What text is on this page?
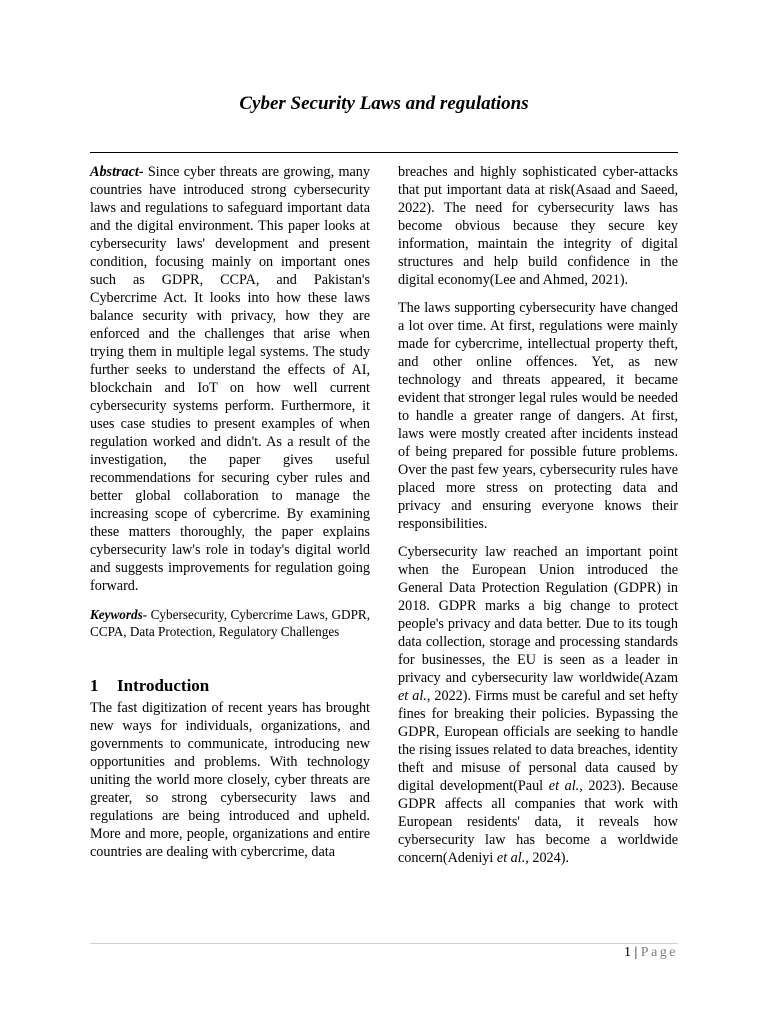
Cyber Security Laws and regulations

Abstract- Since cyber threats are growing, many countries have introduced strong cybersecurity laws and regulations to safeguard important data and the digital environment. This paper looks at cybersecurity laws' development and present condition, focusing mainly on important ones such as GDPR, CCPA, and Pakistan's Cybercrime Act. It looks into how these laws balance security with privacy, how they are enforced and the challenges that arise when trying them in multiple legal systems. The study further seeks to understand the effects of AI, blockchain and IoT on how well current cybersecurity systems perform. Furthermore, it uses case studies to present examples of when regulation worked and didn't. As a result of the investigation, the paper gives useful recommendations for securing cyber rules and better global collaboration to manage the increasing scope of cybercrime. By examining these matters thoroughly, the paper explains cybersecurity law's role in today's digital world and suggests improvements for regulation going forward.

Keywords- Cybersecurity, Cybercrime Laws, GDPR, CCPA, Data Protection, Regulatory Challenges

1 Introduction

The fast digitization of recent years has brought new ways for individuals, organizations, and governments to communicate, introducing new opportunities and problems. With technology uniting the world more closely, cyber threats are greater, so strong cybersecurity laws and regulations are being introduced and upheld. More and more, people, organizations and entire countries are dealing with cybercrime, data

breaches and highly sophisticated cyber-attacks that put important data at risk(Asaad and Saeed, 2022). The need for cybersecurity laws has become obvious because they secure key information, maintain the integrity of digital structures and help build confidence in the digital economy(Lee and Ahmed, 2021).

The laws supporting cybersecurity have changed a lot over time. At first, regulations were mainly made for cybercrime, intellectual property theft, and other online offences. Yet, as new technology and threats appeared, it became evident that stronger legal rules would be needed to handle a greater range of dangers. At first, laws were mostly created after incidents instead of being prepared for possible future problems. Over the past few years, cybersecurity rules have placed more stress on protecting data and privacy and ensuring everyone knows their responsibilities.

Cybersecurity law reached an important point when the European Union introduced the General Data Protection Regulation (GDPR) in 2018. GDPR marks a big change to protect people's privacy and data better. Due to its tough data collection, storage and processing standards for businesses, the EU is seen as a leader in privacy and cybersecurity law worldwide(Azam et al., 2022). Firms must be careful and set hefty fines for breaking their policies. Bypassing the GDPR, European officials are seeking to handle the rising issues related to data breaches, identity theft and misuse of personal data caused by digital development(Paul et al., 2023). Because GDPR affects all companies that work with European residents' data, it reveals how cybersecurity law has become a worldwide concern(Adeniyi et al., 2024).

1 | Page
